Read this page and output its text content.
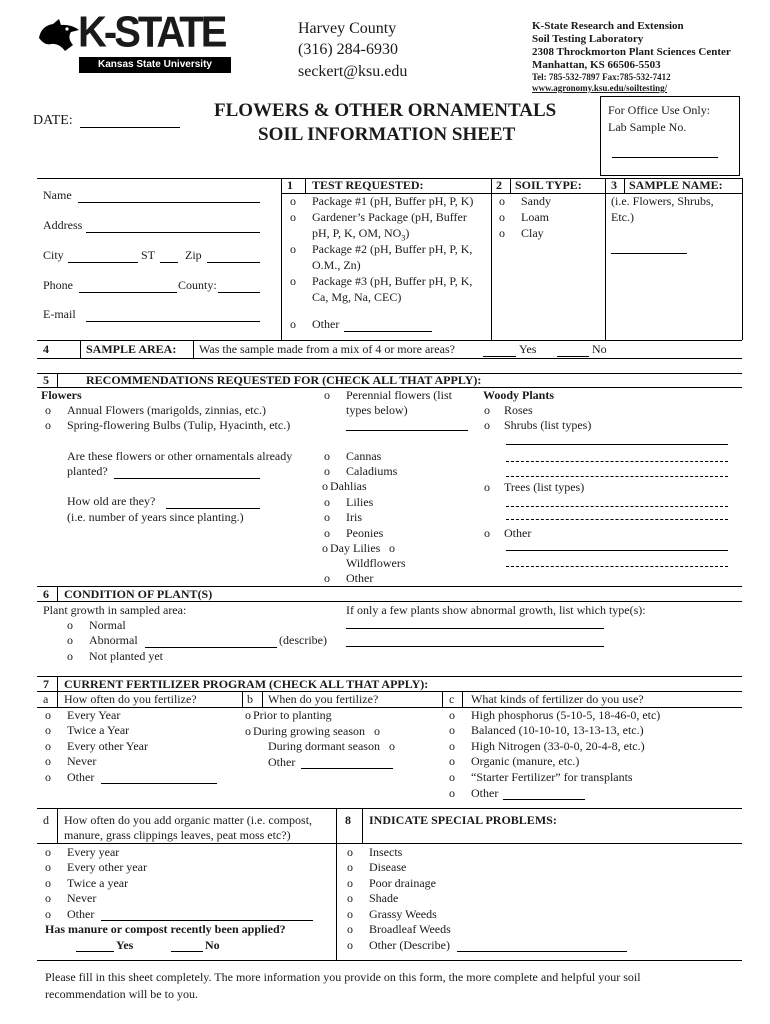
K-STATE
Kansas State University
Harvey County
(316) 284-6930
seckert@ksu.edu
K-State Research and Extension
Soil Testing Laboratory
2308 Throckmorton Plant Sciences Center
Manhattan, KS 66506-5503
Tel: 785-532-7897 Fax:785-532-7412
www.agronomy.ksu.edu/soiltesting/
FLOWERS & OTHER ORNAMENTALS
SOIL INFORMATION SHEET
DATE:
For Office Use Only:
Lab Sample No.
Name
Address
City	ST Zip
Phone	County:
E-mail
1 TEST REQUESTED:
o Package #1 (pH, Buffer pH, P, K)
o Gardener’s Package (pH, Buffer
pH, P, K, OM, $NO_3$)
o Package #2 (pH, Buffer pH, P, K,
O.M., Zn)
o Package #3 (pH, Buffer pH, P, K,
Ca, Mg, Na, CEC)
o Other
2 SOIL TYPE:
o Sandy
o Loam
o Clay
3 SAMPLE NAME:
(i.e. Flowers, Shrubs,
Etc.)
4	SAMPLE AREA: Was the sample made from a mix of 4 or more areas?	Yes	No
5	RECOMMENDATIONS REQUESTED FOR (CHECK ALL THAT APPLY):
Flowers
o Annual Flowers (marigolds, zinnias, etc.)
o Spring-flowering Bulbs (Tulip, Hyacinth, etc.)
o Perennial flowers (list
types below)
Woody Plants
o Roses
o Shrubs (list types)
Are these flowers or other ornamentals already
planted?
How old are they?
(i.e. number of years since planting.)
o Cannas
o Caladiums
o Dahlias
o Lilies
o Iris
o Peonies
o Day Lilies o
Wildflowers
o Other
o Trees (list types)
o Other
6 CONDITION OF PLANT(S)
Plant growth in sampled area:
o Normal
o Abnormal	(describe)
o Not planted yet
If only a few plants show abnormal growth, list which type(s):
7 CURRENT FERTILIZER PROGRAM (CHECK ALL THAT APPLY):
a How often do you fertilize?	b When do you fertilize?	c What kinds of fertilizer do you use?
o Every Year
o Twice a Year
o Every other Year
o Never
o Other
o Prior to planting
o During growing season o
During dormant season o
Other
o High phosphorus (5-10-5, 18-46-0, etc)
o Balanced (10-10-10, 13-13-13, etc.)
o High Nitrogen (33-0-0, 20-4-8, etc.)
o Organic (manure, etc.)
o “Starter Fertilizer” for transplants
o Other
d How often do you add organic matter (i.e. compost,
manure, grass clippings leaves, peat moss etc?)
o Every year
o Every other year
o Twice a year
o Never
o Other
Has manure or compost recently been applied?
Yes	No
8 INDICATE SPECIAL PROBLEMS:
o Insects
o Disease
o Poor drainage
o Shade
o Grassy Weeds
o Broadleaf Weeds
o Other (Describe)
Please fill in this sheet completely. The more information you provide on this form, the more complete and helpful your soil
recommendation will be to you.
